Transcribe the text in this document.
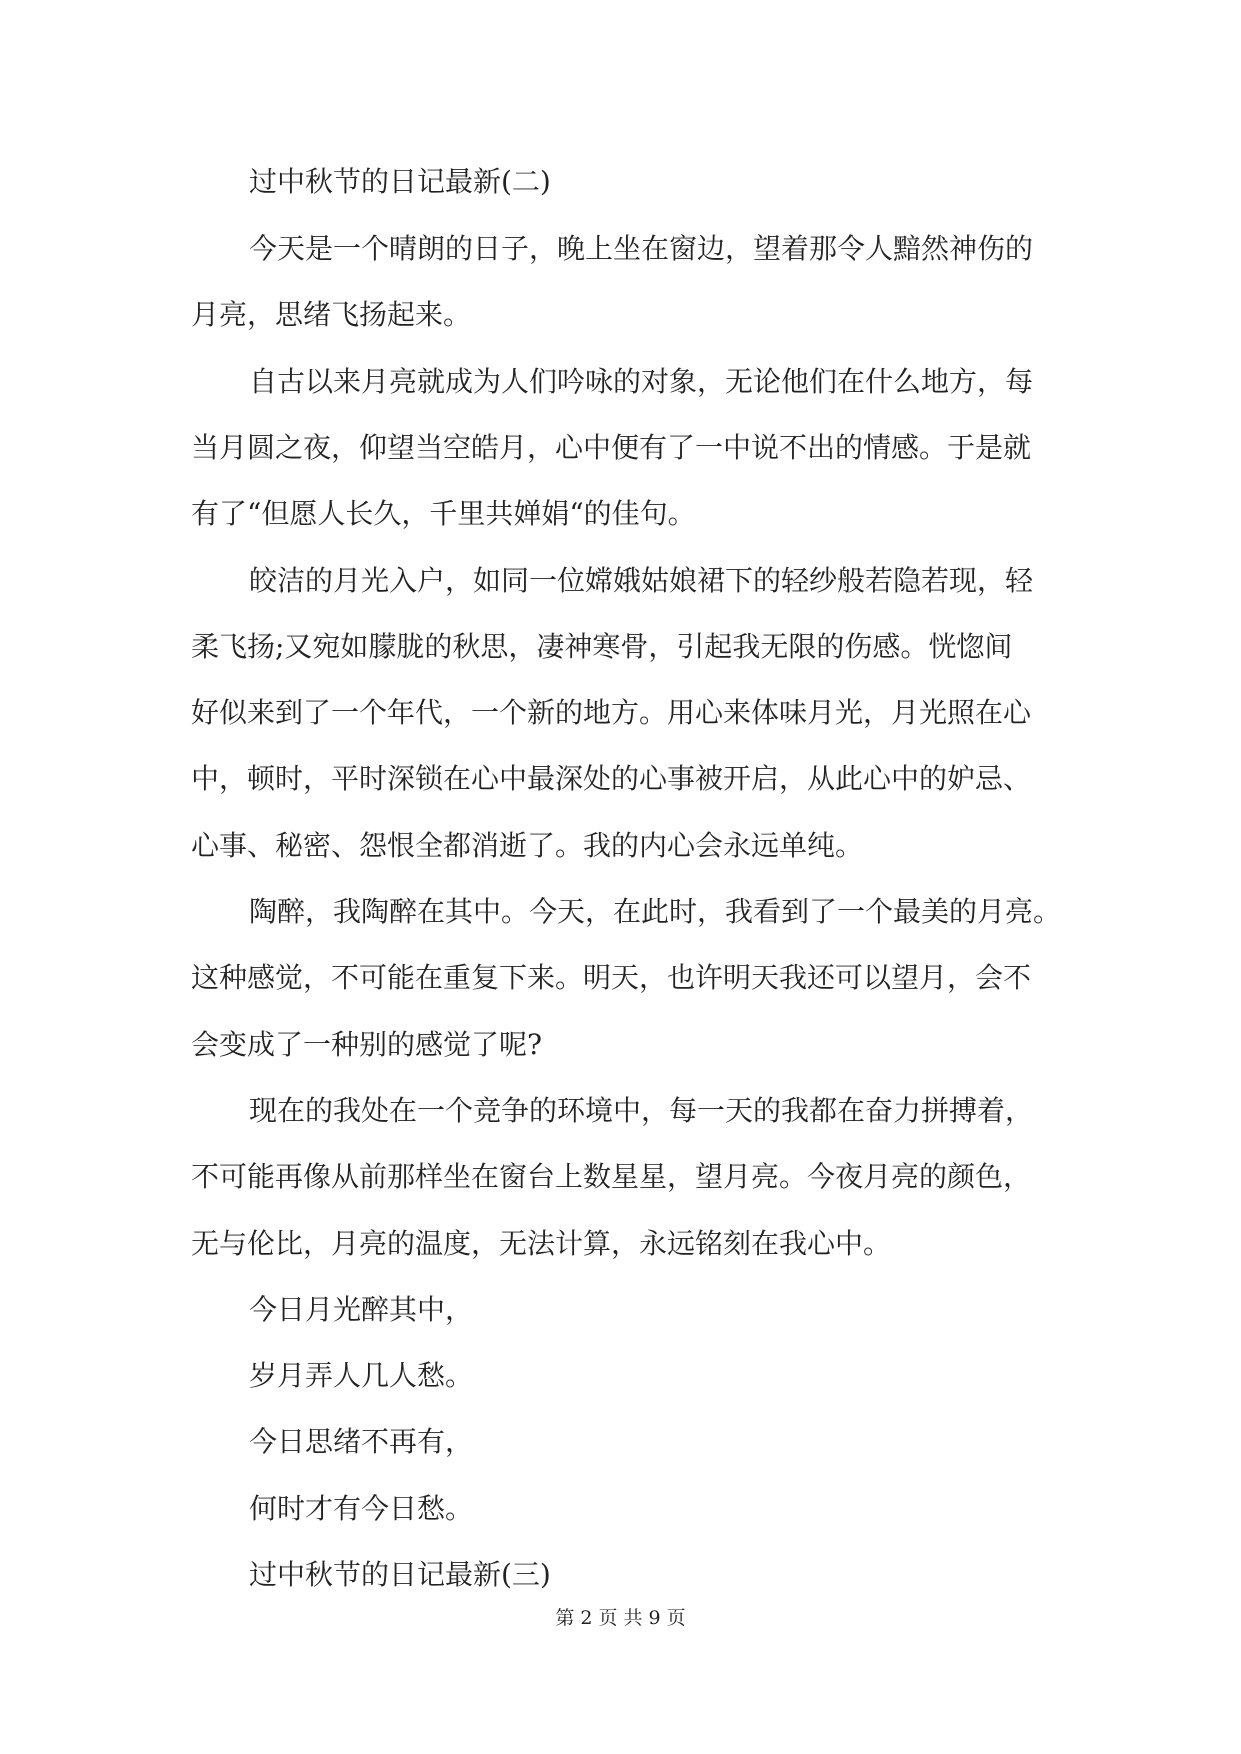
过中秋节的日记最新(二)
今天是一个晴朗的日子，晚上坐在窗边，望着那令人黯然神伤的
月亮，思绪飞扬起来。
自古以来月亮就成为人们吟咏的对象，无论他们在什么地方，每
当月圆之夜，仰望当空皓月，心中便有了一中说不出的情感。于是就
有了“但愿人长久，千里共婵娟“的佳句。
皎洁的月光入户，如同一位嫦娥姑娘裙下的轻纱般若隐若现，轻
柔飞扬;又宛如朦胧的秋思，凄神寒骨，引起我无限的伤感。恍惚间
好似来到了一个年代，一个新的地方。用心来体味月光，月光照在心
中，顿时，平时深锁在心中最深处的心事被开启，从此心中的妒忌、
心事、秘密、怨恨全都消逝了。我的内心会永远单纯。
陶醉，我陶醉在其中。今天，在此时，我看到了一个最美的月亮。
这种感觉，不可能在重复下来。明天，也许明天我还可以望月，会不
会变成了一种别的感觉了呢?
现在的我处在一个竞争的环境中，每一天的我都在奋力拼搏着，
不可能再像从前那样坐在窗台上数星星，望月亮。今夜月亮的颜色，
无与伦比，月亮的温度，无法计算，永远铭刻在我心中。
今日月光醉其中，
岁月弄人几人愁。
今日思绪不再有，
何时才有今日愁。
过中秋节的日记最新(三)
第 2 页 共 9 页
